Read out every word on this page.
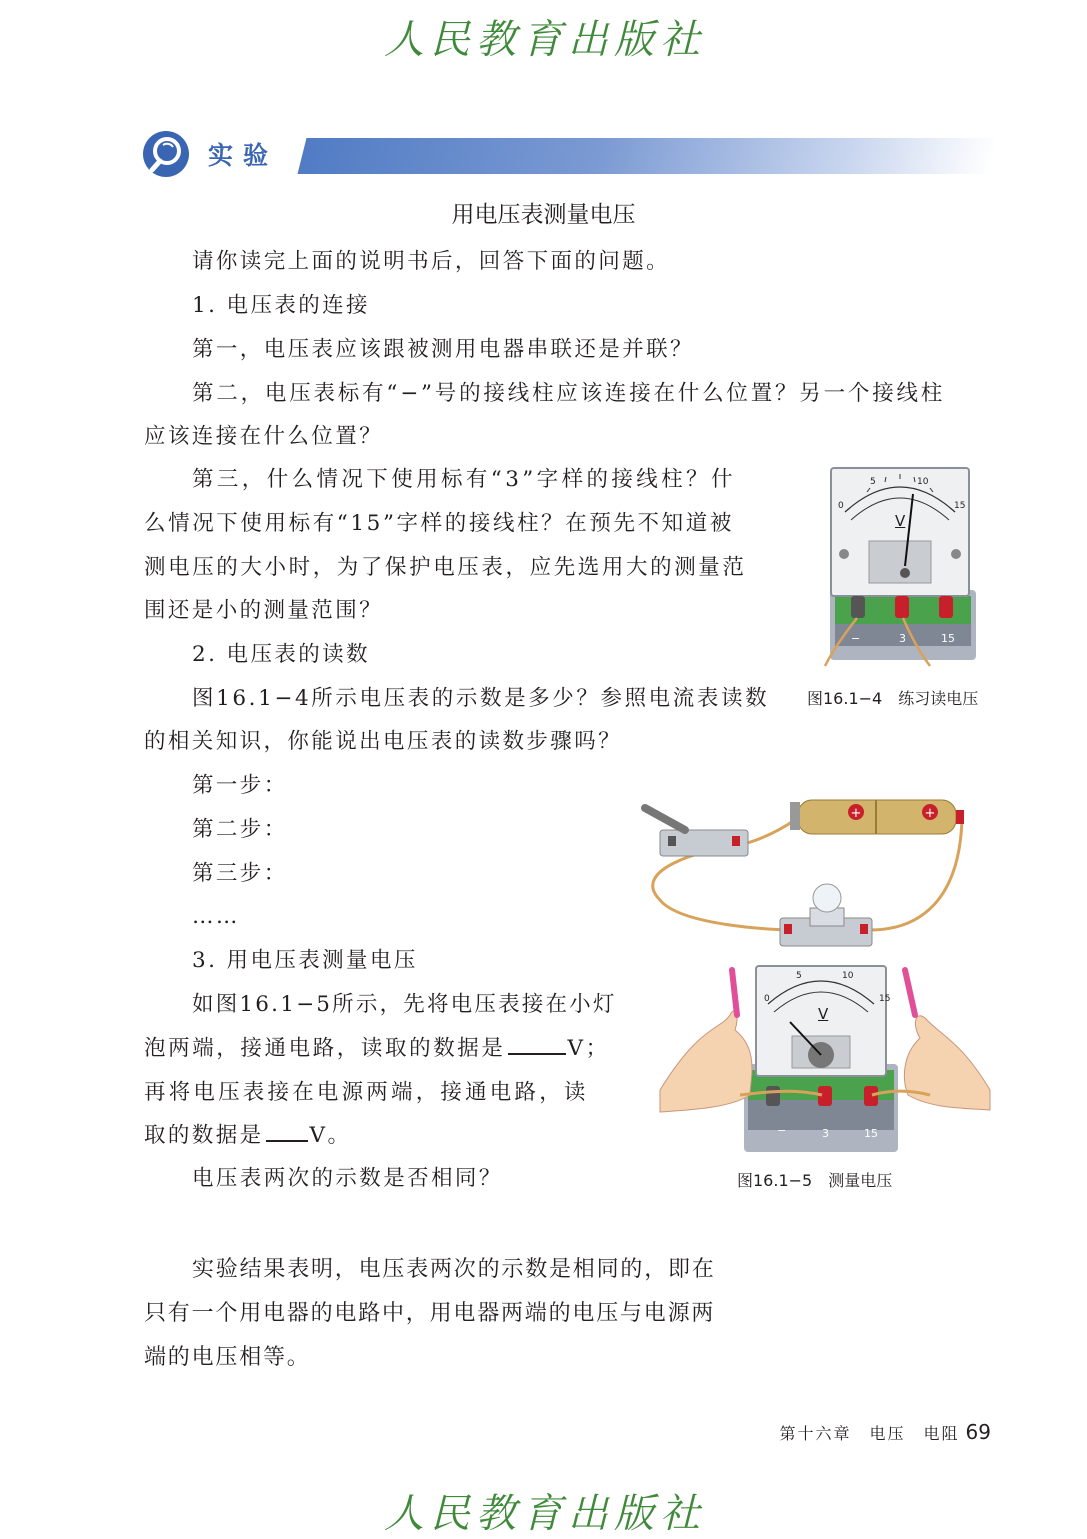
人民教育出版社
实验
用电压表测量电压
请你读完上面的说明书后，回答下面的问题。
1. 电压表的连接
第一，电压表应该跟被测用电器串联还是并联？
第二，电压表标有“−”号的接线柱应该连接在什么位置？另一个接线柱
应该连接在什么位置？
第三，什么情况下使用标有“3”字样的接线柱？什
么情况下使用标有“15”字样的接线柱？在预先不知道被
测电压的大小时，为了保护电压表，应先选用大的测量范
围还是小的测量范围？
2. 电压表的读数
图16.1−4所示电压表的示数是多少？参照电流表读数
的相关知识，你能说出电压表的读数步骤吗？
第一步：
第二步：
第三步：
……
3. 用电压表测量电压
如图16.1−5所示，先将电压表接在小灯
泡两端，接通电路，读取的数据是	V；
再将电压表接在电源两端，接通电路，读
取的数据是 V。
电压表两次的示数是否相同？
实验结果表明，电压表两次的示数是相同的，即在
只有一个用电器的电路中，用电器两端的电压与电源两
端的电压相等。
5	10
15
0
V
−	3	15
图16.1−4　练习读电压
+	+
5	10
15
0
V
−	3	15
图16.1−5　测量电压
第十六章　电压　电阻 69
人民教育出版社
